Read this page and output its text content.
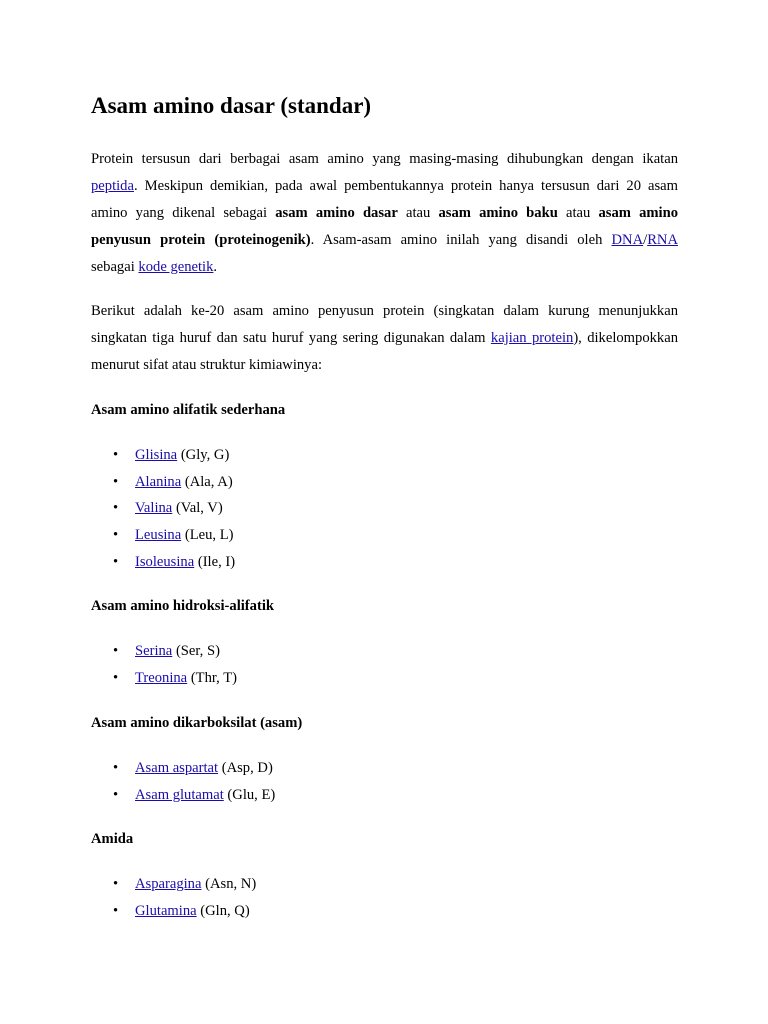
Asam amino dasar (standar)

Protein tersusun dari berbagai asam amino yang masing-masing dihubungkan dengan ikatan
peptida. Meskipun demikian, pada awal pembentukannya protein hanya tersusun dari 20 asam
amino yang dikenal sebagai asam amino dasar atau asam amino baku atau asam amino
penyusun protein (proteinogenik). Asam-asam amino inilah yang disandi oleh DNA/RNA
sebagai kode genetik.

Berikut adalah ke-20 asam amino penyusun protein (singkatan dalam kurung menunjukkan
singkatan tiga huruf dan satu huruf yang sering digunakan dalam kajian protein), dikelompokkan
menurut sifat atau struktur kimiawinya:

Asam amino alifatik sederhana
• Glisina (Gly, G)
• Alanina (Ala, A)
• Valina (Val, V)
• Leusina (Leu, L)
• Isoleusina (Ile, I)
Asam amino hidroksi-alifatik
• Serina (Ser, S)
• Treonina (Thr, T)
Asam amino dikarboksilat (asam)
• Asam aspartat (Asp, D)
• Asam glutamat (Glu, E)
Amida
• Asparagina (Asn, N)
• Glutamina (Gln, Q)
